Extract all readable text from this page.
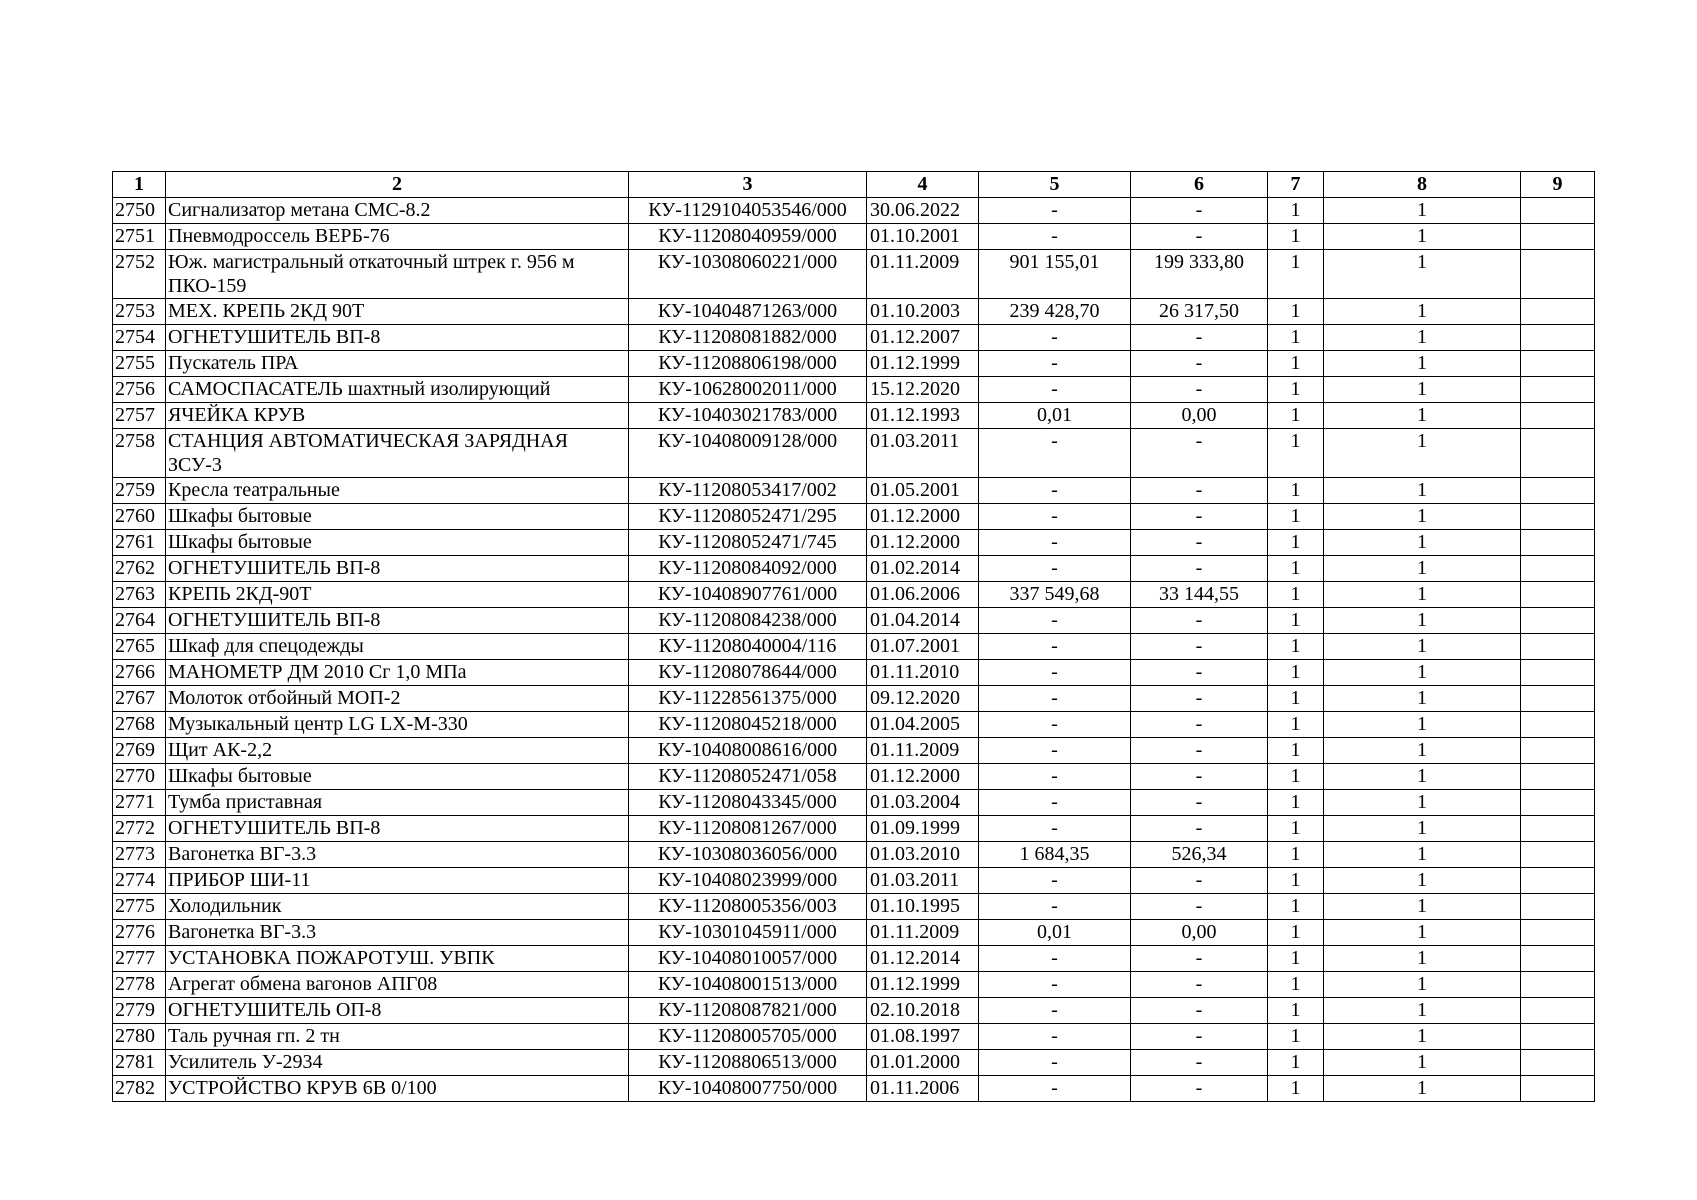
1	2	3	4	5	6	7	8	9
2750	Сигнализатор метана СМС-8.2	КУ-1129104053546/000	30.06.2022	-	-	1	1	
2751	Пневмодроссель ВЕРБ-76	КУ-11208040959/000	01.10.2001	-	-	1	1	
2752	Юж. магистральный откаточный штрек г. 956 м ПКО-159	КУ-10308060221/000	01.11.2009	901 155,01	199 333,80	1	1	
2753	МЕХ. КРЕПЬ 2КД 90Т	КУ-10404871263/000	01.10.2003	239 428,70	26 317,50	1	1	
2754	ОГНЕТУШИТЕЛЬ ВП-8	КУ-11208081882/000	01.12.2007	-	-	1	1	
2755	Пускатель ПРА	КУ-11208806198/000	01.12.1999	-	-	1	1	
2756	САМОСПАСАТЕЛЬ шахтный изолирующий	КУ-10628002011/000	15.12.2020	-	-	1	1	
2757	ЯЧЕЙКА КРУВ	КУ-10403021783/000	01.12.1993	0,01	0,00	1	1	
2758	СТАНЦИЯ АВТОМАТИЧЕСКАЯ ЗАРЯДНАЯ ЗСУ-3	КУ-10408009128/000	01.03.2011	-	-	1	1	
2759	Кресла театральные	КУ-11208053417/002	01.05.2001	-	-	1	1	
2760	Шкафы бытовые	КУ-11208052471/295	01.12.2000	-	-	1	1	
2761	Шкафы бытовые	КУ-11208052471/745	01.12.2000	-	-	1	1	
2762	ОГНЕТУШИТЕЛЬ ВП-8	КУ-11208084092/000	01.02.2014	-	-	1	1	
2763	КРЕПЬ 2КД-90Т	КУ-10408907761/000	01.06.2006	337 549,68	33 144,55	1	1	
2764	ОГНЕТУШИТЕЛЬ ВП-8	КУ-11208084238/000	01.04.2014	-	-	1	1	
2765	Шкаф для спецодежды	КУ-11208040004/116	01.07.2001	-	-	1	1	
2766	МАНОМЕТР ДМ 2010 Сг 1,0 МПа	КУ-11208078644/000	01.11.2010	-	-	1	1	
2767	Молоток отбойный МОП-2	КУ-11228561375/000	09.12.2020	-	-	1	1	
2768	Музыкальный центр LG LX-M-330	КУ-11208045218/000	01.04.2005	-	-	1	1	
2769	Щит АК-2,2	КУ-10408008616/000	01.11.2009	-	-	1	1	
2770	Шкафы бытовые	КУ-11208052471/058	01.12.2000	-	-	1	1	
2771	Тумба приставная	КУ-11208043345/000	01.03.2004	-	-	1	1	
2772	ОГНЕТУШИТЕЛЬ ВП-8	КУ-11208081267/000	01.09.1999	-	-	1	1	
2773	Вагонетка ВГ-3.3	КУ-10308036056/000	01.03.2010	1 684,35	526,34	1	1	
2774	ПРИБОР ШИ-11	КУ-10408023999/000	01.03.2011	-	-	1	1	
2775	Холодильник	КУ-11208005356/003	01.10.1995	-	-	1	1	
2776	Вагонетка ВГ-3.3	КУ-10301045911/000	01.11.2009	0,01	0,00	1	1	
2777	УСТАНОВКА ПОЖАРОТУШ. УВПК	КУ-10408010057/000	01.12.2014	-	-	1	1	
2778	Агрегат обмена вагонов АПГ08	КУ-10408001513/000	01.12.1999	-	-	1	1	
2779	ОГНЕТУШИТЕЛЬ ОП-8	КУ-11208087821/000	02.10.2018	-	-	1	1	
2780	Таль ручная гп. 2 тн	КУ-11208005705/000	01.08.1997	-	-	1	1	
2781	Усилитель У-2934	КУ-11208806513/000	01.01.2000	-	-	1	1	
2782	УСТРОЙСТВО КРУВ 6В 0/100	КУ-10408007750/000	01.11.2006	-	-	1	1	
